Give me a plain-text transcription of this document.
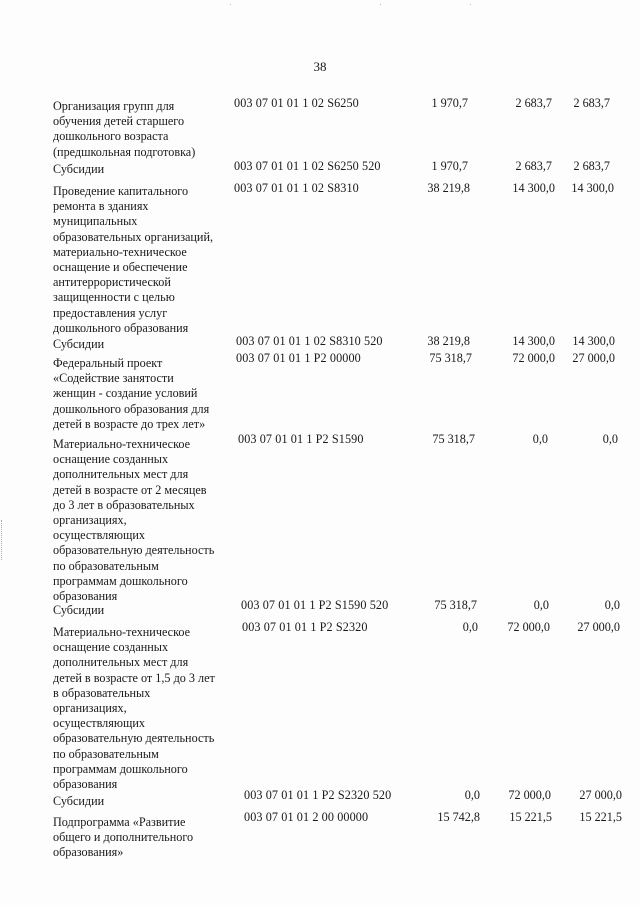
38
Организация групп для
обучения детей старшего
дошкольного возраста
(предшкольная подготовка)
003 07 01 01 1 02 S6250	1 970,7	2 683,7	2 683,7
Субсидии	003 07 01 01 1 02 S6250 520	1 970,7	2 683,7	2 683,7
Проведение капитального
ремонта в зданиях
муниципальных
образовательных организаций,
материально-техническое
оснащение и обеспечение
антитеррористической
защищенности с целью
предоставления услуг
дошкольного образования
003 07 01 01 1 02 S8310	38 219,8	14 300,0	14 300,0
Субсидии	003 07 01 01 1 02 S8310 520	38 219,8	14 300,0	14 300,0
Федеральный проект
«Содействие занятости
женщин - создание условий
дошкольного образования для
детей в возрасте до трех лет»
003 07 01 01 1 P2 00000	75 318,7	72 000,0	27 000,0
Материально-техническое
оснащение созданных
дополнительных мест для
детей в возрасте от 2 месяцев
до 3 лет в образовательных
организациях,
осуществляющих
образовательную деятельность
по образовательным
программам дошкольного
образования
003 07 01 01 1 P2 S1590	75 318,7	0,0	0,0
Субсидии	003 07 01 01 1 P2 S1590 520	75 318,7	0,0	0,0
Материально-техническое
оснащение созданных
дополнительных мест для
детей в возрасте от 1,5 до 3 лет
в образовательных
организациях,
осуществляющих
образовательную деятельность
по образовательным
программам дошкольного
образования
003 07 01 01 1 P2 S2320	0,0	72 000,0	27 000,0
Субсидии	003 07 01 01 1 P2 S2320 520	0,0	72 000,0	27 000,0
Подпрограмма «Развитие
общего и дополнительного
образования»
003 07 01 01 2 00 00000	15 742,8	15 221,5	15 221,5
